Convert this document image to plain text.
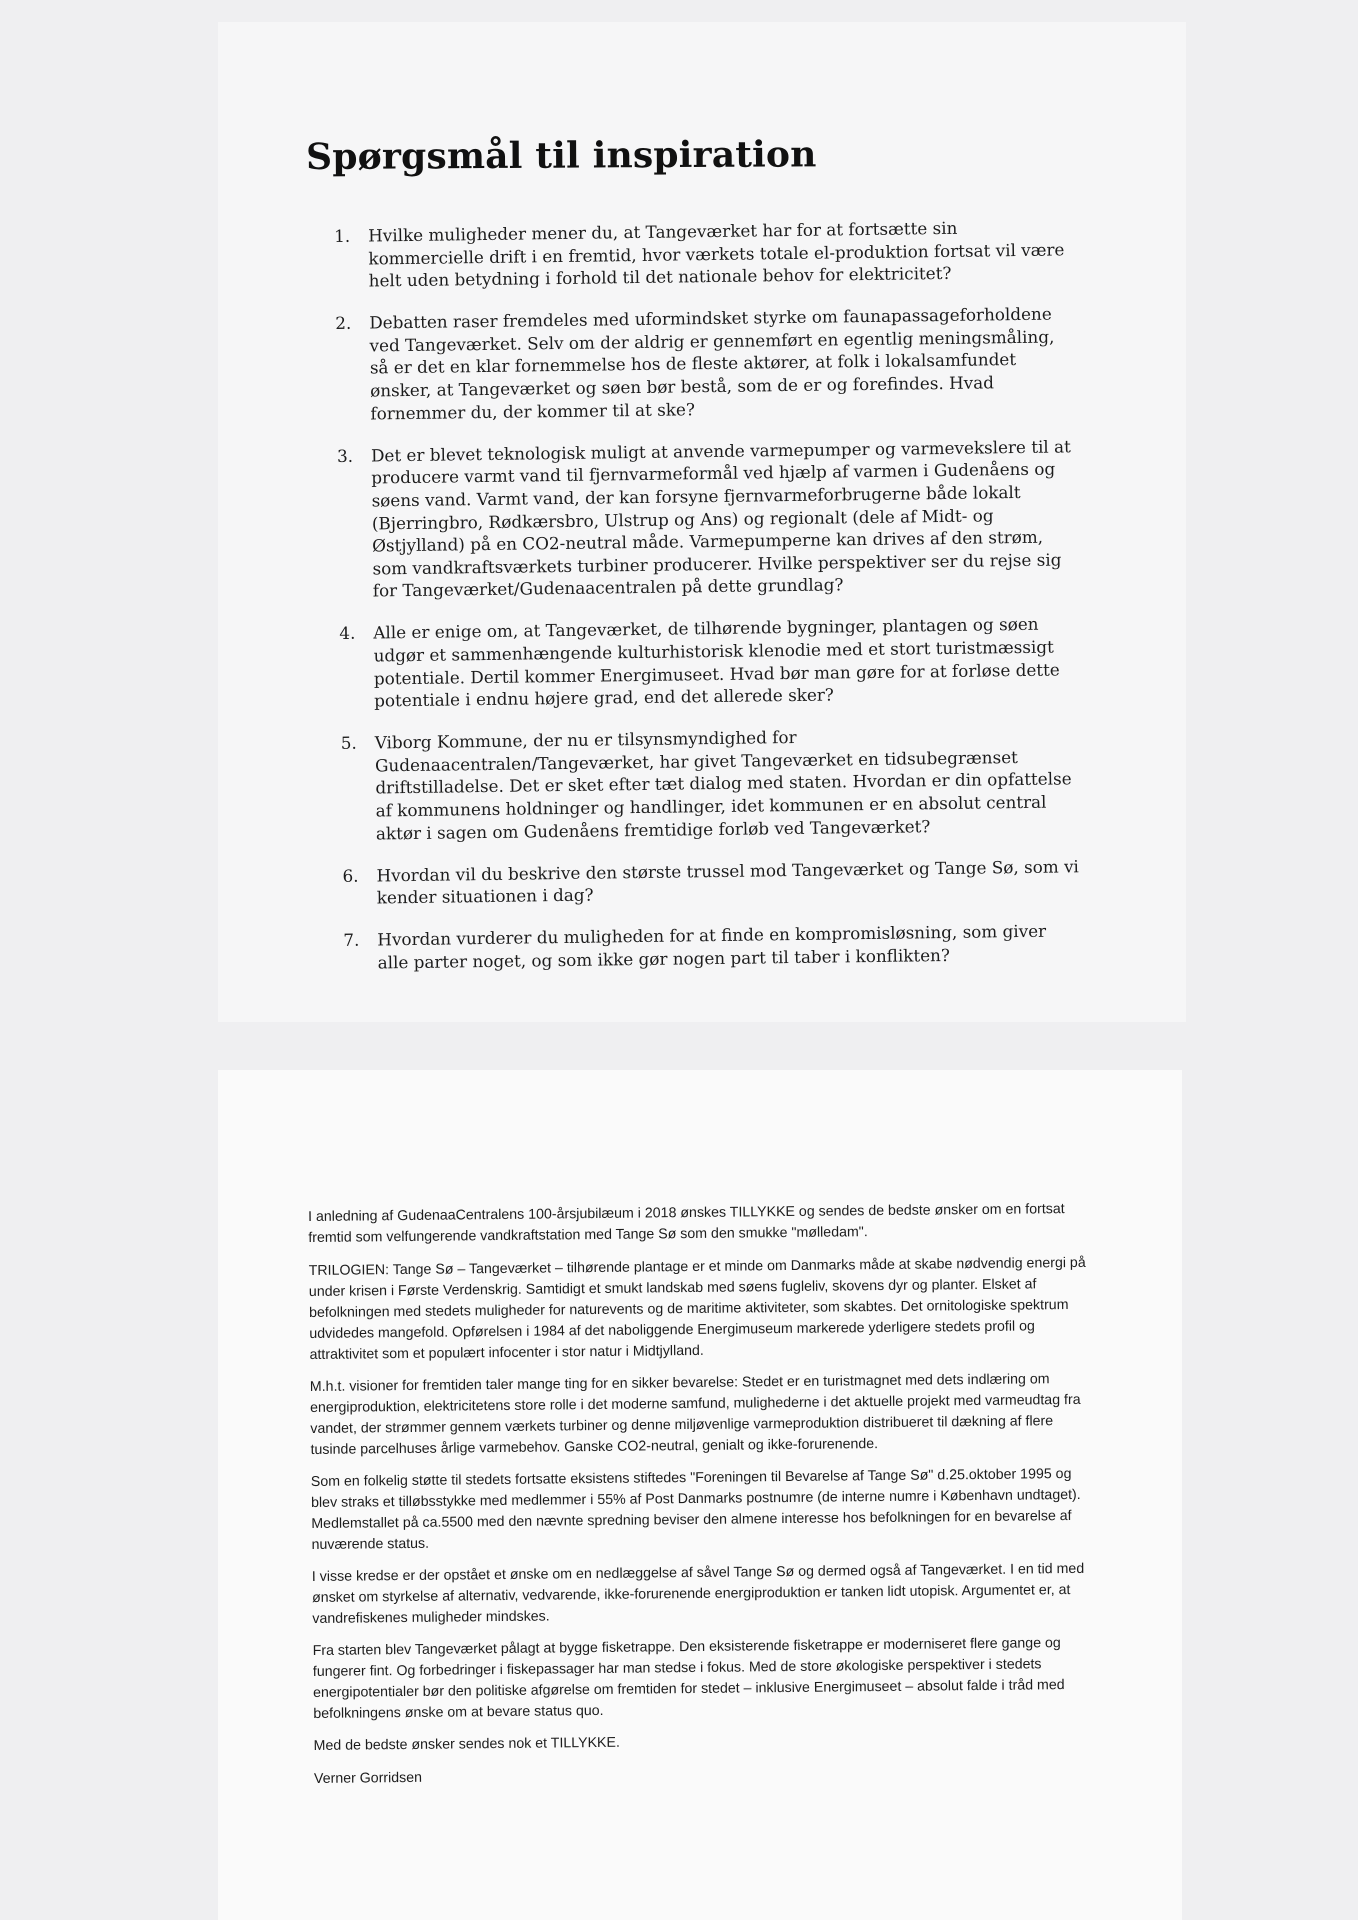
Spørgsmål til inspiration
1. Hvilke muligheder mener du, at Tangeværket har for at fortsætte sin kommercielle drift i en fremtid, hvor værkets totale el-produktion fortsat vil være helt uden betydning i forhold til det nationale behov for elektricitet?
2. Debatten raser fremdeles med uformindsket styrke om faunapassageforholdene ved Tangeværket. Selv om der aldrig er gennemført en egentlig meningsmåling, så er det en klar fornemmelse hos de fleste aktører, at folk i lokalsamfundet ønsker, at Tangeværket og søen bør bestå, som de er og forefindes. Hvad fornemmer du, der kommer til at ske?
3. Det er blevet teknologisk muligt at anvende varmepumper og varmevekslere til at producere varmt vand til fjernvarmeformål ved hjælp af varmen i Gudenåens og søens vand. Varmt vand, der kan forsyne fjernvarmeforbrugerne både lokalt (Bjerringbro, Rødkærsbro, Ulstrup og Ans) og regionalt (dele af Midt- og Østjylland) på en CO2-neutral måde. Varmepumperne kan drives af den strøm, som vandkraftsværkets turbiner producerer. Hvilke perspektiver ser du rejse sig for Tangeværket/Gudenaacentralen på dette grundlag?
4. Alle er enige om, at Tangeværket, de tilhørende bygninger, plantagen og søen udgør et sammenhængende kulturhistorisk klenodie med et stort turistmæssigt potentiale. Dertil kommer Energimuseet. Hvad bør man gøre for at forløse dette potentiale i endnu højere grad, end det allerede sker?
5. Viborg Kommune, der nu er tilsynsmyndighed for Gudenaacentralen/Tangeværket, har givet Tangeværket en tidsubegrænset driftstilladelse. Det er sket efter tæt dialog med staten. Hvordan er din opfattelse af kommunens holdninger og handlinger, idet kommunen er en absolut central aktør i sagen om Gudenåens fremtidige forløb ved Tangeværket?
6. Hvordan vil du beskrive den største trussel mod Tangeværket og Tange Sø, som vi kender situationen i dag?
7. Hvordan vurderer du muligheden for at finde en kompromisløsning, som giver alle parter noget, og som ikke gør nogen part til taber i konflikten?

I anledning af GudenaaCentralens 100-årsjubilæum i 2018 ønskes TILLYKKE og sendes de bedste ønsker om en fortsat fremtid som velfungerende vandkraftstation med Tange Sø som den smukke "mølledam".

TRILOGIEN: Tange Sø – Tangeværket – tilhørende plantage er et minde om Danmarks måde at skabe nødvendig energi på under krisen i Første Verdenskrig. Samtidigt et smukt landskab med søens fugleliv, skovens dyr og planter. Elsket af befolkningen med stedets muligheder for naturevents og de maritime aktiviteter, som skabtes. Det ornitologiske spektrum udvidedes mangefold. Opførelsen i 1984 af det naboliggende Energimuseum markerede yderligere stedets profil og attraktivitet som et populært infocenter i stor natur i Midtjylland.

M.h.t. visioner for fremtiden taler mange ting for en sikker bevarelse: Stedet er en turistmagnet med dets indlæring om energiproduktion, elektricitetens store rolle i det moderne samfund, mulighederne i det aktuelle projekt med varmeudtag fra vandet, der strømmer gennem værkets turbiner og denne miljøvenlige varmeproduktion distribueret til dækning af flere tusinde parcelhuses årlige varmebehov. Ganske CO2-neutral, genialt og ikke-forurenende.

Som en folkelig støtte til stedets fortsatte eksistens stiftedes "Foreningen til Bevarelse af Tange Sø" d.25.oktober 1995 og blev straks et tilløbsstykke med medlemmer i 55% af Post Danmarks postnumre (de interne numre i København undtaget). Medlemstallet på ca.5500 med den nævnte spredning beviser den almene interesse hos befolkningen for en bevarelse af nuværende status.

I visse kredse er der opstået et ønske om en nedlæggelse af såvel Tange Sø og dermed også af Tangeværket. I en tid med ønsket om styrkelse af alternativ, vedvarende, ikke-forurenende energiproduktion er tanken lidt utopisk. Argumentet er, at vandrefiskenes muligheder mindskes.

Fra starten blev Tangeværket pålagt at bygge fisketrappe. Den eksisterende fisketrappe er moderniseret flere gange og fungerer fint. Og forbedringer i fiskepassager har man stedse i fokus. Med de store økologiske perspektiver i stedets energipotentialer bør den politiske afgørelse om fremtiden for stedet – inklusive Energimuseet – absolut falde i tråd med befolkningens ønske om at bevare status quo.

Med de bedste ønsker sendes nok et TILLYKKE.

Verner Gorridsen
